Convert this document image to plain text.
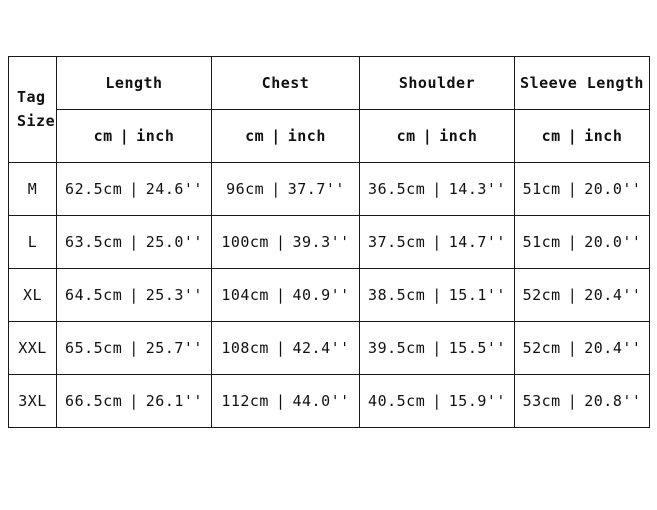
Tag
Size	Length	Chest	Shoulder	Sleeve Length
	cm | inch	cm | inch	cm | inch	cm | inch
M	62.5cm | 24.6''	96cm | 37.7''	36.5cm | 14.3''	51cm | 20.0''
L	63.5cm | 25.0''	100cm | 39.3''	37.5cm | 14.7''	51cm | 20.0''
XL	64.5cm | 25.3''	104cm | 40.9''	38.5cm | 15.1''	52cm | 20.4''
XXL	65.5cm | 25.7''	108cm | 42.4''	39.5cm | 15.5''	52cm | 20.4''
3XL	66.5cm | 26.1''	112cm | 44.0''	40.5cm | 15.9''	53cm | 20.8''
